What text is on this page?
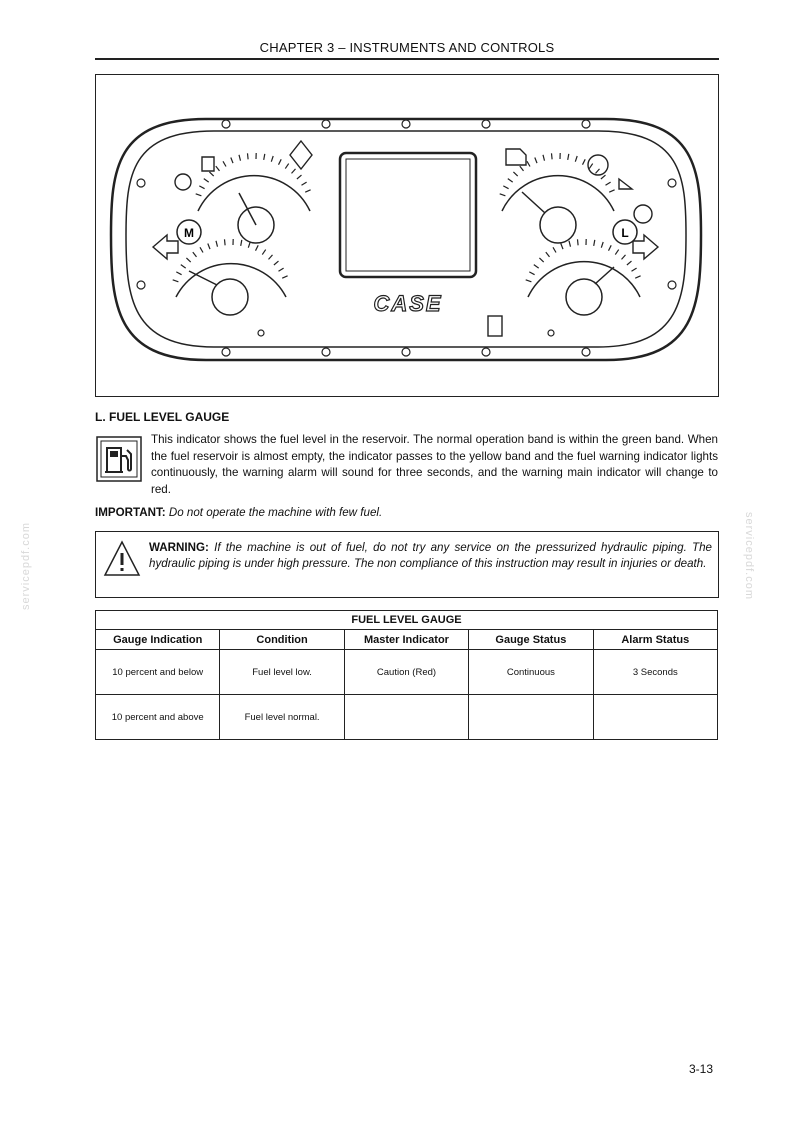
CHAPTER 3 – INSTRUMENTS AND CONTROLS
M	L
CASE
L. FUEL LEVEL GAUGE
This indicator shows the fuel level in the reservoir. The normal operation band is within the green band. When the fuel reservoir is almost empty, the indicator passes to the yellow band and the fuel warning indicator lights continuously, the warning alarm will sound for three seconds, and the warning main indicator will change to red.
IMPORTANT: Do not operate the machine with few fuel.
WARNING: If the machine is out of fuel, do not try any service on the pressurized hydraulic piping. The hydraulic piping is under high pressure. The non compliance of this instruction may result in injuries or death.
servicepdf.com	servicepdf.com
FUEL LEVEL GAUGE				
Gauge Indication	Condition	Master Indicator	Gauge Status	Alarm Status
10 percent and below	Fuel level low.	Caution (Red)	Continuous	3 Seconds
10 percent and above	Fuel level normal.			
3-13
